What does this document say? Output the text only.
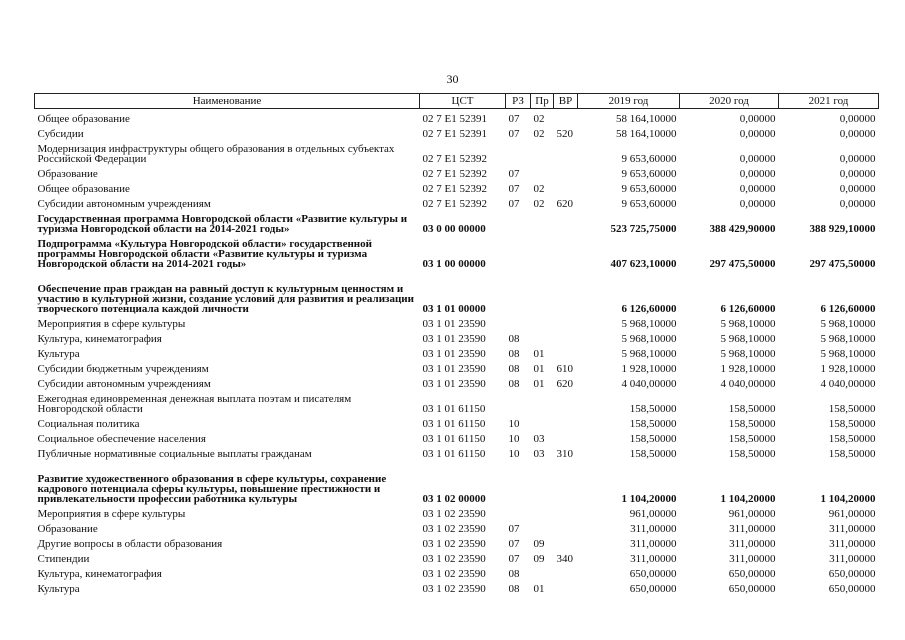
30
Наименование	ЦСТ	РЗ	Пр	ВР	2019 год	2020 год	2021 год
Общее образование	02 7 E1 52391	07	02		58 164,10000	0,00000	0,00000
Субсидии	02 7 E1 52391	07	02	520	58 164,10000	0,00000	0,00000
Модернизация инфраструктуры общего образования в отдельных субъектах Российской Федерации	02 7 E1 52392				9 653,60000	0,00000	0,00000
Образование	02 7 E1 52392	07			9 653,60000	0,00000	0,00000
Общее образование	02 7 E1 52392	07	02		9 653,60000	0,00000	0,00000
Субсидии автономным учреждениям	02 7 E1 52392	07	02	620	9 653,60000	0,00000	0,00000
Государственная программа Новгородской области «Развитие культуры и туризма Новгородской области на 2014-2021 годы»	03 0 00 00000				523 725,75000	388 429,90000	388 929,10000
Подпрограмма «Культура Новгородской области» государственной программы Новгородской области «Развитие культуры и туризма Новгородской области на 2014-2021 годы»	03 1 00 00000				407 623,10000	297 475,50000	297 475,50000
Обеспечение прав граждан на равный доступ к культурным ценностям и участию в культурной жизни, создание условий для развития и реализации творческого потенциала каждой личности	03 1 01 00000				6 126,60000	6 126,60000	6 126,60000
Мероприятия в сфере культуры	03 1 01 23590				5 968,10000	5 968,10000	5 968,10000
Культура, кинематография	03 1 01 23590	08			5 968,10000	5 968,10000	5 968,10000
Культура	03 1 01 23590	08	01		5 968,10000	5 968,10000	5 968,10000
Субсидии бюджетным учреждениям	03 1 01 23590	08	01	610	1 928,10000	1 928,10000	1 928,10000
Субсидии автономным учреждениям	03 1 01 23590	08	01	620	4 040,00000	4 040,00000	4 040,00000
Ежегодная единовременная денежная выплата поэтам и писателям Новгородской области	03 1 01 61150				158,50000	158,50000	158,50000
Социальная политика	03 1 01 61150	10			158,50000	158,50000	158,50000
Социальное обеспечение населения	03 1 01 61150	10	03		158,50000	158,50000	158,50000
Публичные нормативные социальные выплаты гражданам	03 1 01 61150	10	03	310	158,50000	158,50000	158,50000
Развитие художественного образования в сфере культуры, сохранение кадрового потенциала сферы культуры, повышение престижности и привлекательности профессии работника культуры	03 1 02 00000				1 104,20000	1 104,20000	1 104,20000
Мероприятия в сфере культуры	03 1 02 23590				961,00000	961,00000	961,00000
Образование	03 1 02 23590	07			311,00000	311,00000	311,00000
Другие вопросы в области образования	03 1 02 23590	07	09		311,00000	311,00000	311,00000
Стипендии	03 1 02 23590	07	09	340	311,00000	311,00000	311,00000
Культура, кинематография	03 1 02 23590	08			650,00000	650,00000	650,00000
Культура	03 1 02 23590	08	01		650,00000	650,00000	650,00000
